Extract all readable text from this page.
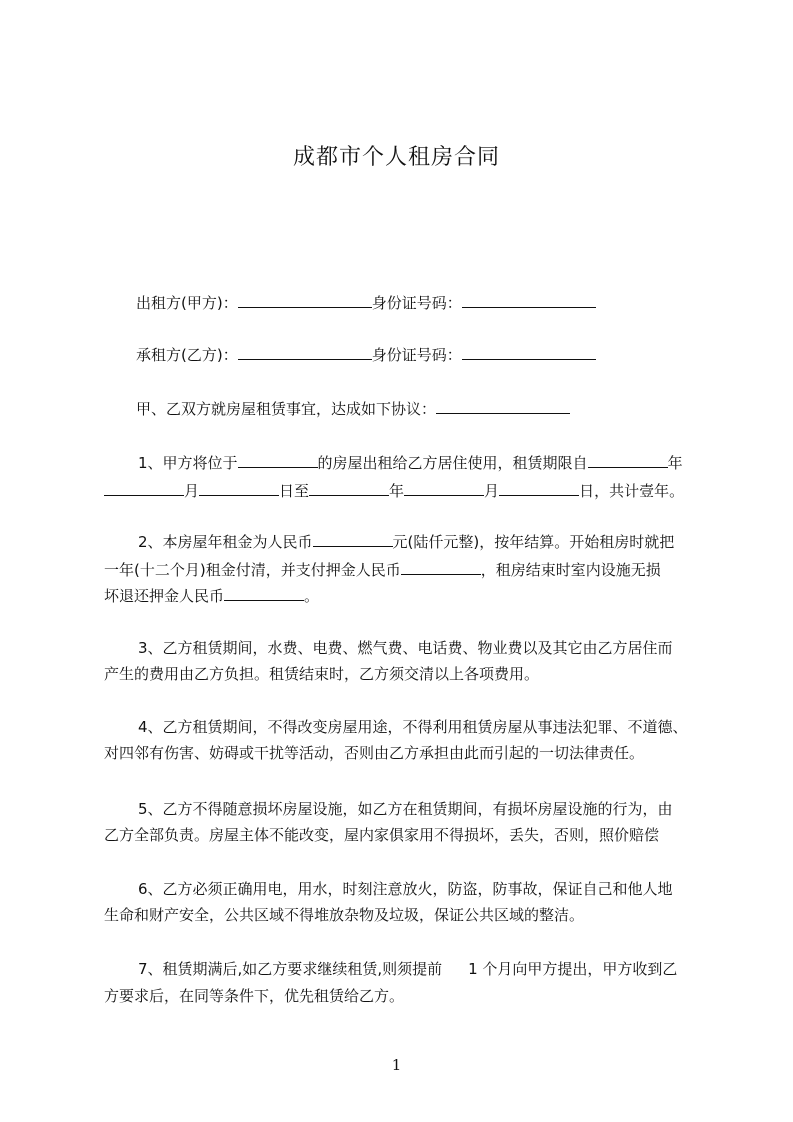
成都市个人租房合同
出租方(甲方)：	身份证号码：
承租方(乙方)：	身份证号码：
甲、乙双方就房屋租赁事宜，达成如下协议：
1、甲方将位于	的房屋出租给乙方居住使用，租赁期限自	年
月	日至	年	月	日，共计壹年。
2、本房屋年租金为人民币	元(陆仟元整)，按年结算。开始租房时就把
一年(十二个月)租金付清，并支付押金人民币	，租房结束时室内设施无损
坏退还押金人民币	。
3、乙方租赁期间，水费、电费、燃气费、电话费、物业费以及其它由乙方居住而
产生的费用由乙方负担。租赁结束时，乙方须交清以上各项费用。
4、乙方租赁期间，不得改变房屋用途，不得利用租赁房屋从事违法犯罪、不道德、
对四邻有伤害、妨碍或干扰等活动，否则由乙方承担由此而引起的一切法律责任。
5、乙方不得随意损坏房屋设施，如乙方在租赁期间，有损坏房屋设施的行为，由
乙方全部负责。房屋主体不能改变，屋内家俱家用不得损坏，丢失，否则，照价赔偿
6、乙方必须正确用电，用水，时刻注意放火，防盗，防事故，保证自己和他人地
生命和财产安全，公共区域不得堆放杂物及垃圾，保证公共区域的整洁。
7、租赁期满后,如乙方要求继续租赁,则须提前 1 个月向甲方提出，甲方收到乙
方要求后，在同等条件下，优先租赁给乙方。
1
